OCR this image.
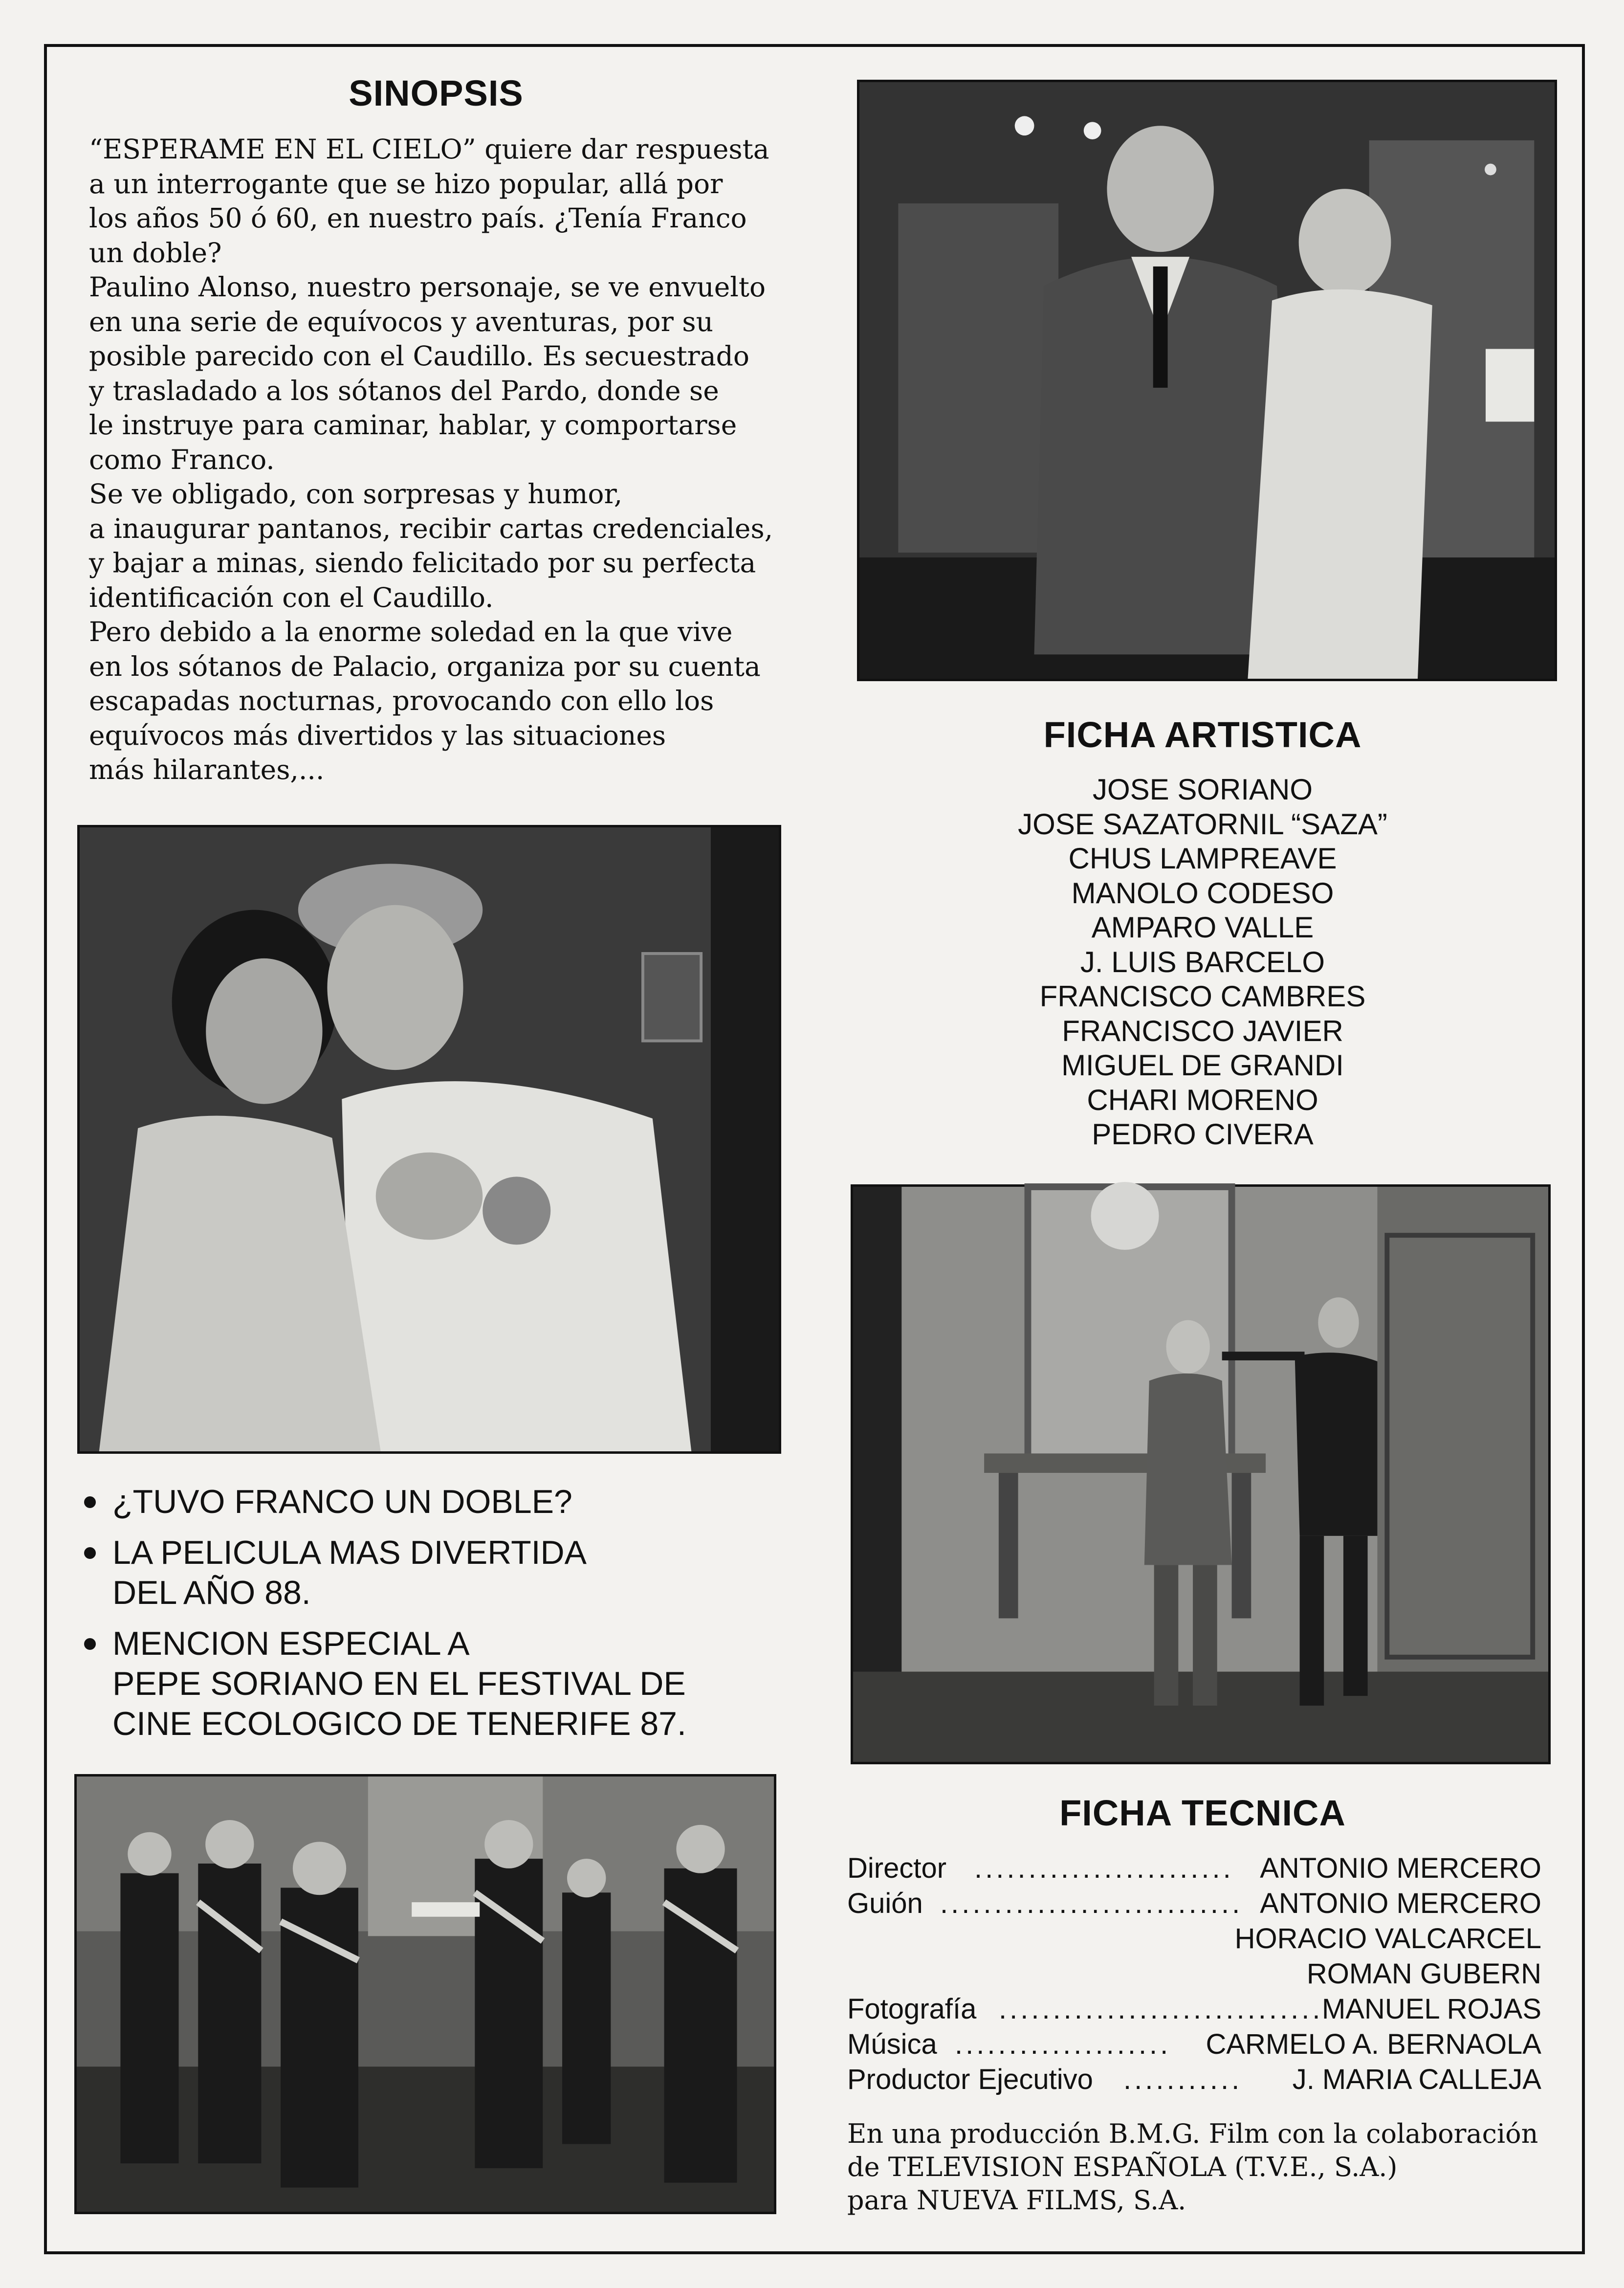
SINOPSIS
“ESPERAME EN EL CIELO” quiere dar respuesta
a un interrogante que se hizo popular, allá por
los años 50 ó 60, en nuestro país. ¿Tenía Franco
un doble?
Paulino Alonso, nuestro personaje, se ve envuelto
en una serie de equívocos y aventuras, por su
posible parecido con el Caudillo. Es secuestrado
y trasladado a los sótanos del Pardo, donde se
le instruye para caminar, hablar, y comportarse
como Franco.
Se ve obligado, con sorpresas y humor,
a inaugurar pantanos, recibir cartas credenciales,
y bajar a minas, siendo felicitado por su perfecta
identificación con el Caudillo.
Pero debido a la enorme soledad en la que vive
en los sótanos de Palacio, organiza por su cuenta
escapadas nocturnas, provocando con ello los
equívocos más divertidos y las situaciones
más hilarantes,...
FICHA ARTISTICA
JOSE SORIANO
JOSE SAZATORNIL “SAZA”
CHUS LAMPREAVE
MANOLO CODESO
AMPARO VALLE
J. LUIS BARCELO
FRANCISCO CAMBRES
FRANCISCO JAVIER
MIGUEL DE GRANDI
CHARI MORENO
PEDRO CIVERA
¿TUVO FRANCO UN DOBLE?
LA PELICULA MAS DIVERTIDA
DEL AÑO 88.
MENCION ESPECIAL A
PEPE SORIANO EN EL FESTIVAL DE
CINE ECOLOGICO DE TENERIFE 87.
FICHA TECNICA
Director ........................ ANTONIO MERCERO
Guión ............................ ANTONIO MERCERO
HORACIO VALCARCEL
ROMAN GUBERN
Fotografía ..............................
MANUEL ROJAS
Música .................... CARMELO A. BERNAOLA
Productor Ejecutivo ........... J. MARIA CALLEJA
En una producción B.M.G. Film con la colaboración
de TELEVISION ESPAÑOLA (T.V.E., S.A.)
para NUEVA FILMS, S.A.
